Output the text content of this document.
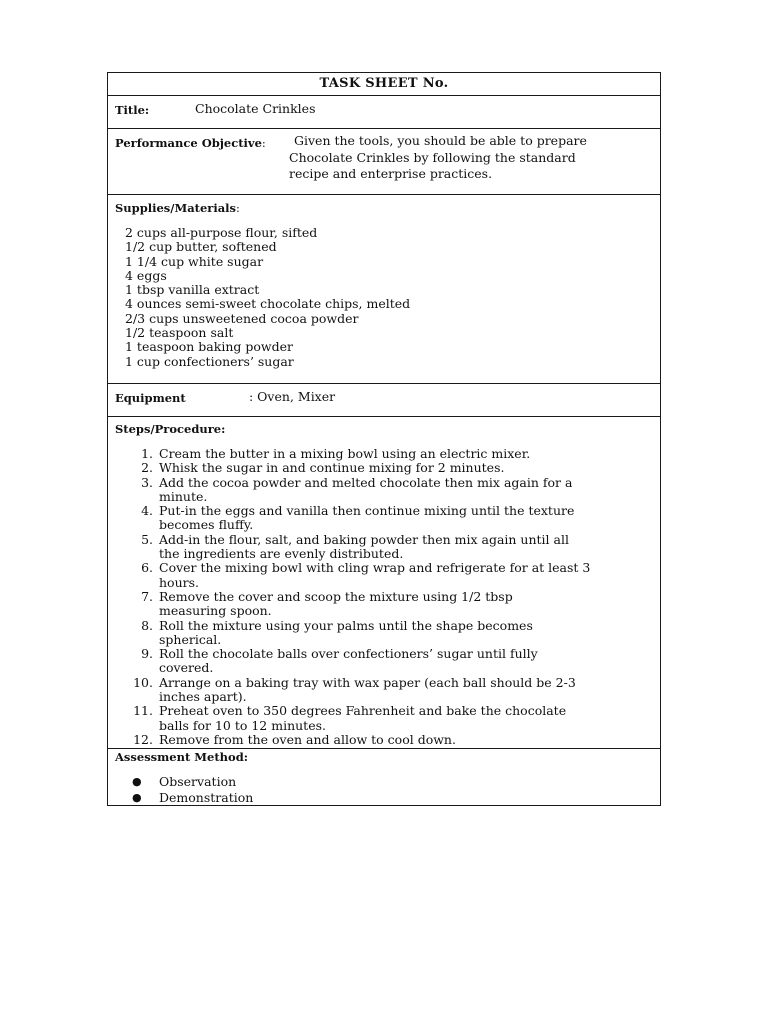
TASK SHEET No.
Title:	Chocolate Crinkles
Performance Objective:	Given the tools, you should be able to prepare
Chocolate Crinkles by following the standard
recipe and enterprise practices.
Supplies/Materials:
2 cups all-purpose flour, sifted
1/2 cup butter, softened
1 1/4 cup white sugar
4 eggs
1 tbsp vanilla extract
4 ounces semi-sweet chocolate chips, melted
2/3 cups unsweetened cocoa powder
1/2 teaspoon salt
1 teaspoon baking powder
1 cup confectioners’ sugar
Equipment	: Oven, Mixer
Steps/Procedure:
1. Cream the butter in a mixing bowl using an electric mixer.
2. Whisk the sugar in and continue mixing for 2 minutes.
3. Add the cocoa powder and melted chocolate then mix again for a
minute.
4. Put-in the eggs and vanilla then continue mixing until the texture
becomes fluffy.
5. Add-in the flour, salt, and baking powder then mix again until all
the ingredients are evenly distributed.
6. Cover the mixing bowl with cling wrap and refrigerate for at least 3
hours.
7. Remove the cover and scoop the mixture using 1/2 tbsp
measuring spoon.
8. Roll the mixture using your palms until the shape becomes
spherical.
9. Roll the chocolate balls over confectioners’ sugar until fully
covered.
10. Arrange on a baking tray with wax paper (each ball should be 2-3
inches apart).
11. Preheat oven to 350 degrees Fahrenheit and bake the chocolate
balls for 10 to 12 minutes.
12. Remove from the oven and allow to cool down.
Assessment Method:
●	Observation
●	Demonstration
